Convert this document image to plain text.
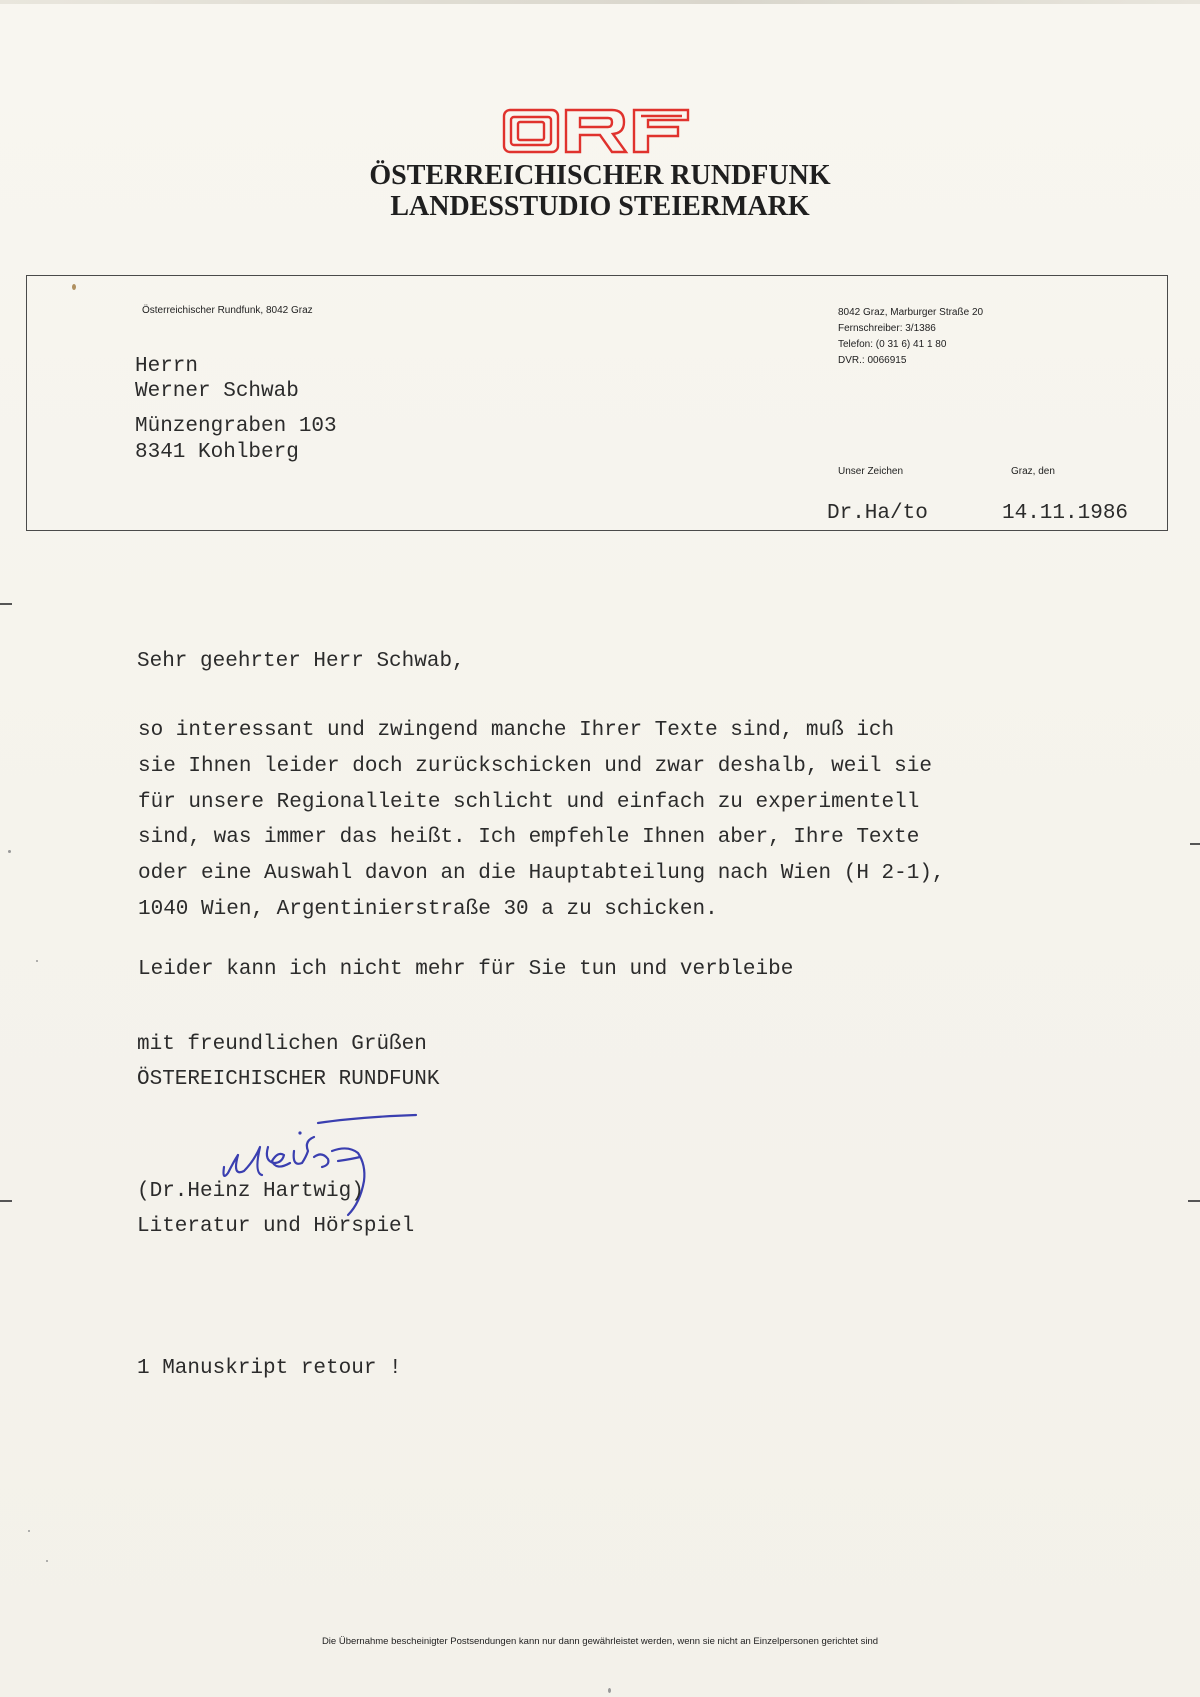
ÖSTERREICHISCHER RUNDFUNK
LANDESSTUDIO STEIERMARK
Österreichischer Rundfunk, 8042 Graz
Herrn
Werner Schwab
Münzengraben 103
8341 Kohlberg
8042 Graz, Marburger Straße 20
Fernschreiber: 3/1386
Telefon: (0 31 6) 41 1 80
DVR.: 0066915
Unser Zeichen	Graz, den
Dr.Ha/to	14.11.1986
Sehr geehrter Herr Schwab,
so interessant und zwingend manche Ihrer Texte sind, muß ich
sie Ihnen leider doch zurückschicken und zwar deshalb, weil sie
für unsere Regionalleite schlicht und einfach zu experimentell
sind, was immer das heißt. Ich empfehle Ihnen aber, Ihre Texte
oder eine Auswahl davon an die Hauptabteilung nach Wien (H 2-1),
1040 Wien, Argentinierstraße 30 a zu schicken.
Leider kann ich nicht mehr für Sie tun und verbleibe
mit freundlichen Grüßen
ÖSTEREICHISCHER RUNDFUNK
(Dr.Heinz Hartwig)
Literatur und Hörspiel
1 Manuskript retour !
Die Übernahme bescheinigter Postsendungen kann nur dann gewährleistet werden, wenn sie nicht an Einzelpersonen gerichtet sind
